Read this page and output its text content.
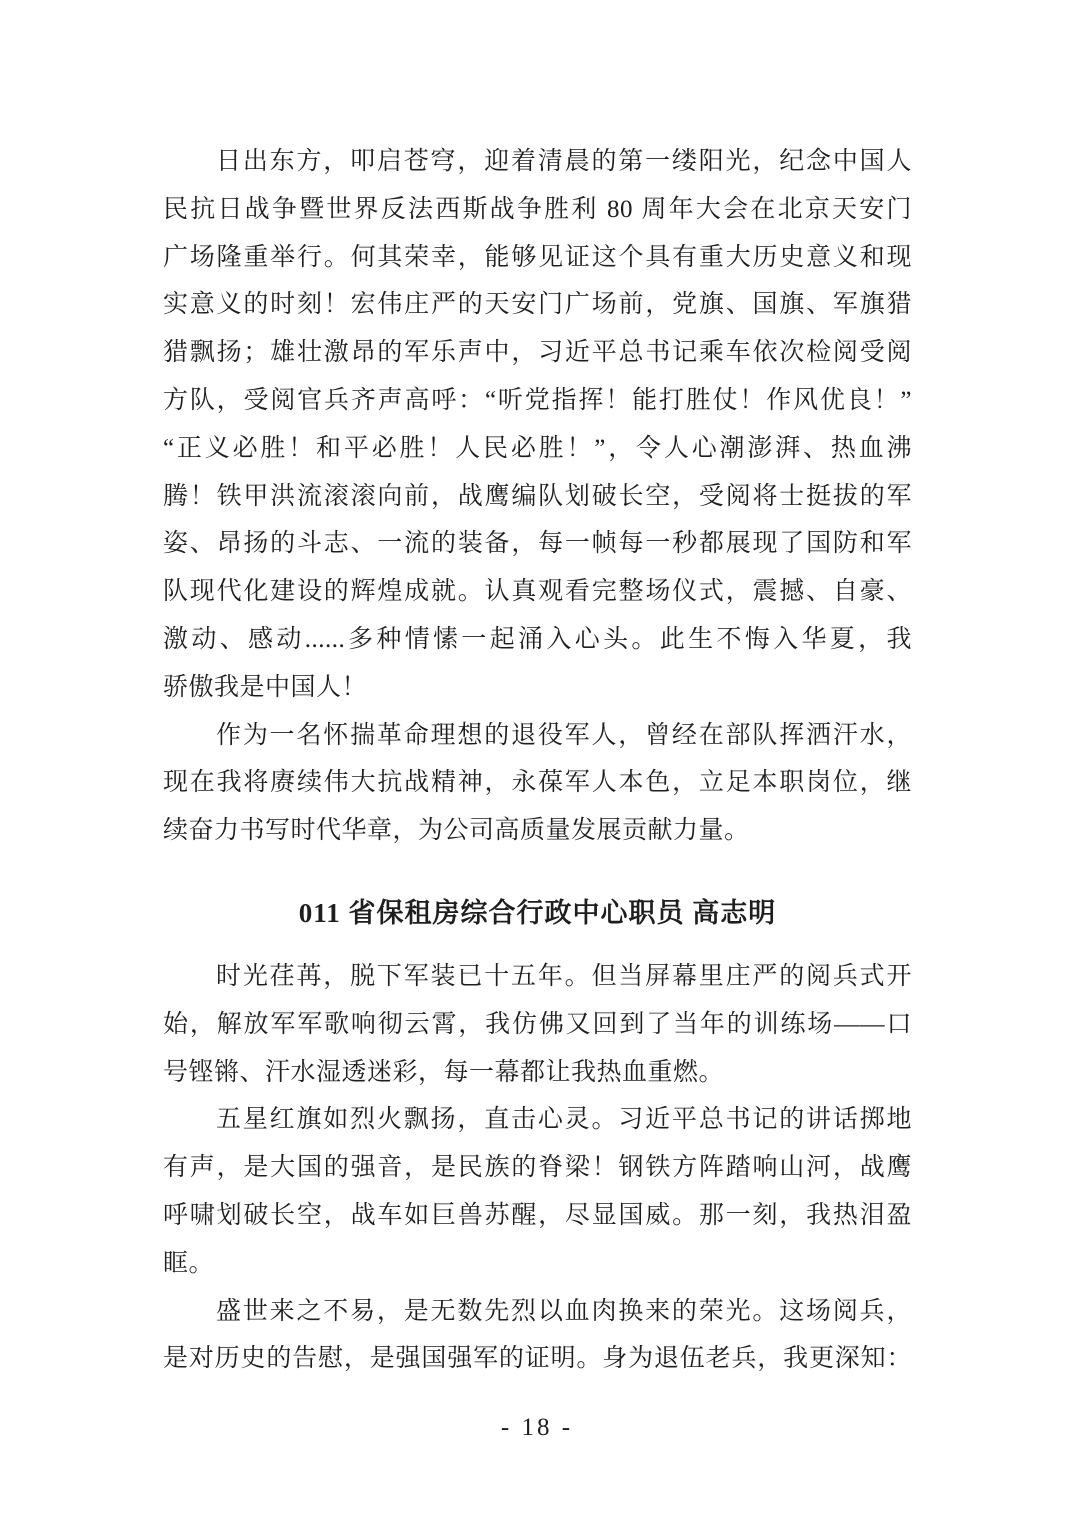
日出东方，叩启苍穹，迎着清晨的第一缕阳光，纪念中国人
民抗日战争暨世界反法西斯战争胜利 80 周年大会在北京天安门
广场隆重举行。何其荣幸，能够见证这个具有重大历史意义和现
实意义的时刻！宏伟庄严的天安门广场前，党旗、国旗、军旗猎
猎飘扬；雄壮激昂的军乐声中，习近平总书记乘车依次检阅受阅
方队，受阅官兵齐声高呼：“听党指挥！能打胜仗！作风优良！”
“正义必胜！和平必胜！人民必胜！”，令人心潮澎湃、热血沸
腾！铁甲洪流滚滚向前，战鹰编队划破长空，受阅将士挺拔的军
姿、昂扬的斗志、一流的装备，每一帧每一秒都展现了国防和军
队现代化建设的辉煌成就。认真观看完整场仪式，震撼、自豪、
激动、感动......多种情愫一起涌入心头。此生不悔入华夏，我
骄傲我是中国人！
作为一名怀揣革命理想的退役军人，曾经在部队挥洒汗水，
现在我将赓续伟大抗战精神，永葆军人本色，立足本职岗位，继
续奋力书写时代华章，为公司高质量发展贡献力量。
011 省保租房综合行政中心职员 高志明
时光荏苒，脱下军装已十五年。但当屏幕里庄严的阅兵式开
始，解放军军歌响彻云霄，我仿佛又回到了当年的训练场——口
号铿锵、汗水湿透迷彩，每一幕都让我热血重燃。
五星红旗如烈火飘扬，直击心灵。习近平总书记的讲话掷地
有声，是大国的强音，是民族的脊梁！钢铁方阵踏响山河，战鹰
呼啸划破长空，战车如巨兽苏醒，尽显国威。那一刻，我热泪盈
眶。
盛世来之不易，是无数先烈以血肉换来的荣光。这场阅兵，
是对历史的告慰，是强国强军的证明。身为退伍老兵，我更深知：
- 18 -
